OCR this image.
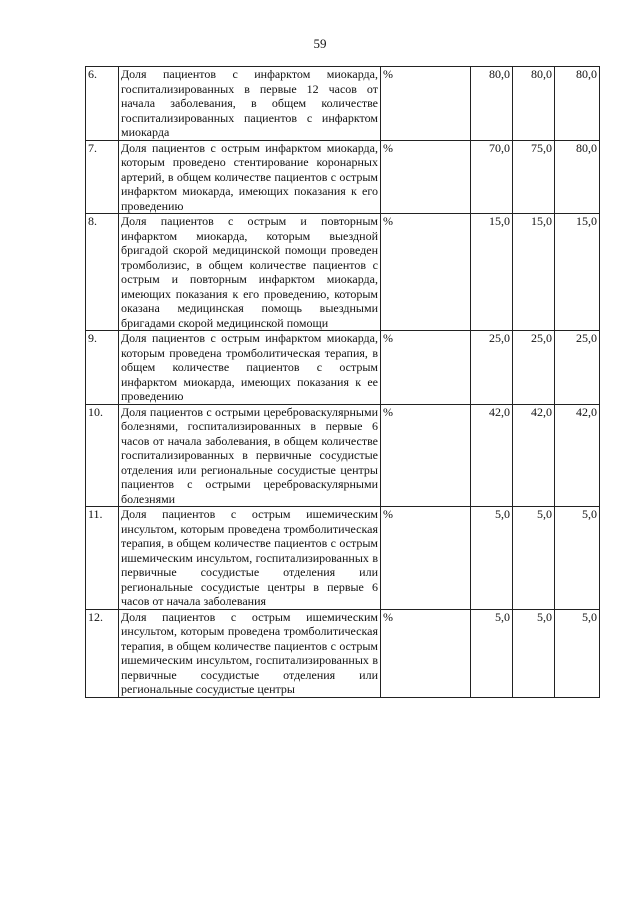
59
6.	Доля пациентов с инфарктом миокарда, госпитализированных в первые 12 часов от начала заболевания, в общем количестве госпитализированных пациентов с инфарктом миокарда	%	80,0	80,0	80,0
7.	Доля пациентов с острым инфарктом миокарда, которым проведено стентирование коронарных артерий, в общем количестве пациентов с острым инфарктом миокарда, имеющих показания к его проведению	%	70,0	75,0	80,0
8.	Доля пациентов с острым и повторным инфарктом миокарда, которым выездной бригадой скорой медицинской помощи проведен тромболизис, в общем количестве пациентов с острым и повторным инфарктом миокарда, имеющих показания к его проведению, которым оказана медицинская помощь выездными бригадами скорой медицинской помощи	%	15,0	15,0	15,0
9.	Доля пациентов с острым инфарктом миокарда, которым проведена тромболитическая терапия, в общем количестве пациентов с острым инфарктом миокарда, имеющих показания к ее проведению	%	25,0	25,0	25,0
10.	Доля пациентов с острыми цереброваскулярными болезнями, госпитализированных в первые 6 часов от начала заболевания, в общем количестве госпитализированных в первичные сосудистые отделения или региональные сосудистые центры пациентов с острыми цереброваскулярными болезнями	%	42,0	42,0	42,0
11.	Доля пациентов с острым ишемическим инсультом, которым проведена тромболитическая терапия, в общем количестве пациентов с острым ишемическим инсультом, госпитализированных в первичные сосудистые отделения или региональные сосудистые центры в первые 6 часов от начала заболевания	%	5,0	5,0	5,0
12.	Доля пациентов с острым ишемическим инсультом, которым проведена тромболитическая терапия, в общем количестве пациентов с острым ишемическим инсультом, госпитализированных в первичные сосудистые отделения или региональные сосудистые центры	%	5,0	5,0	5,0
